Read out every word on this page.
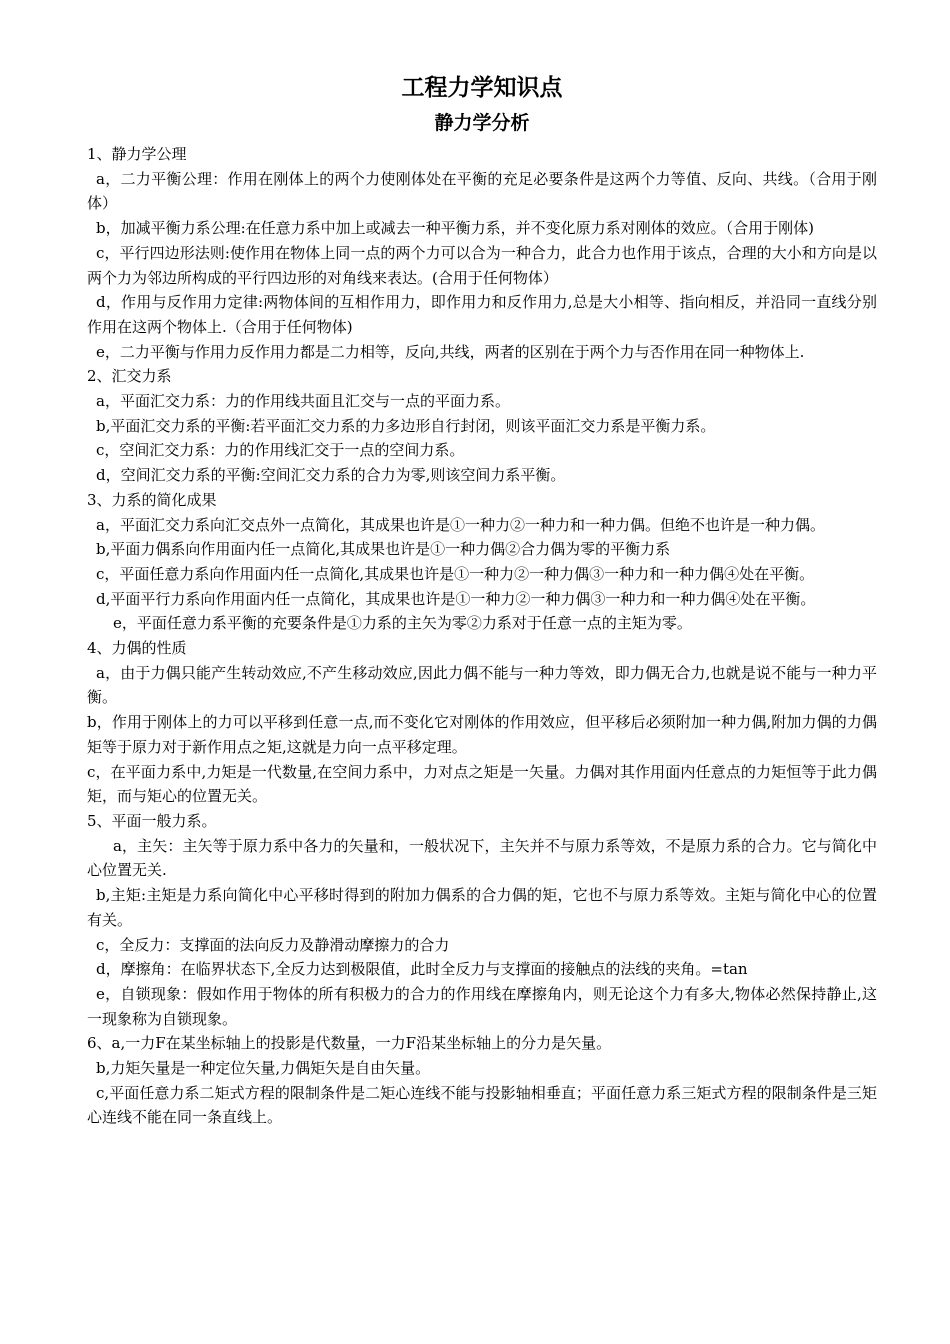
工程力学知识点
静力学分析

1、静力学公理

a，二力平衡公理：作用在刚体上的两个力使刚体处在平衡的充足必要条件是这两个力等值、反向、共线。（合用于刚体）

b，加减平衡力系公理:在任意力系中加上或减去一种平衡力系，并不变化原力系对刚体的效应。（合用于刚体)

c，平行四边形法则:使作用在物体上同一点的两个力可以合为一种合力，此合力也作用于该点，合理的大小和方向是以两个力为邻边所构成的平行四边形的对角线来表达。(合用于任何物体）

d，作用与反作用力定律:两物体间的互相作用力，即作用力和反作用力,总是大小相等、指向相反，并沿同一直线分别作用在这两个物体上.（合用于任何物体)

e，二力平衡与作用力反作用力都是二力相等，反向,共线，两者的区别在于两个力与否作用在同一种物体上.

2、汇交力系

a，平面汇交力系：力的作用线共面且汇交与一点的平面力系。

b,平面汇交力系的平衡:若平面汇交力系的力多边形自行封闭，则该平面汇交力系是平衡力系。

c，空间汇交力系：力的作用线汇交于一点的空间力系。

d，空间汇交力系的平衡:空间汇交力系的合力为零,则该空间力系平衡。

3、力系的简化成果

a，平面汇交力系向汇交点外一点简化，其成果也许是①一种力②一种力和一种力偶。但绝不也许是一种力偶。

b,平面力偶系向作用面内任一点简化,其成果也许是①一种力偶②合力偶为零的平衡力系

c，平面任意力系向作用面内任一点简化,其成果也许是①一种力②一种力偶③一种力和一种力偶④处在平衡。

d,平面平行力系向作用面内任一点简化，其成果也许是①一种力②一种力偶③一种力和一种力偶④处在平衡。

e，平面任意力系平衡的充要条件是①力系的主矢为零②力系对于任意一点的主矩为零。

4、力偶的性质

a，由于力偶只能产生转动效应,不产生移动效应,因此力偶不能与一种力等效，即力偶无合力,也就是说不能与一种力平衡。

b，作用于刚体上的力可以平移到任意一点,而不变化它对刚体的作用效应，但平移后必须附加一种力偶,附加力偶的力偶矩等于原力对于新作用点之矩,这就是力向一点平移定理。

c，在平面力系中,力矩是一代数量,在空间力系中，力对点之矩是一矢量。力偶对其作用面内任意点的力矩恒等于此力偶矩，而与矩心的位置无关。

5、平面一般力系。

a，主矢：主矢等于原力系中各力的矢量和，一般状况下，主矢并不与原力系等效，不是原力系的合力。它与简化中心位置无关.

b,主矩:主矩是力系向简化中心平移时得到的附加力偶系的合力偶的矩，它也不与原力系等效。主矩与简化中心的位置有关。

c，全反力：支撑面的法向反力及静滑动摩擦力的合力

d，摩擦角：在临界状态下,全反力达到极限值，此时全反力与支撑面的接触点的法线的夹角。=tan

e，自锁现象：假如作用于物体的所有积极力的合力的作用线在摩擦角内，则无论这个力有多大,物体必然保持静止,这一现象称为自锁现象。

6、a,一力F在某坐标轴上的投影是代数量，一力F沿某坐标轴上的分力是矢量。

b,力矩矢量是一种定位矢量,力偶矩矢是自由矢量。

c,平面任意力系二矩式方程的限制条件是二矩心连线不能与投影轴相垂直；平面任意力系三矩式方程的限制条件是三矩心连线不能在同一条直线上。
